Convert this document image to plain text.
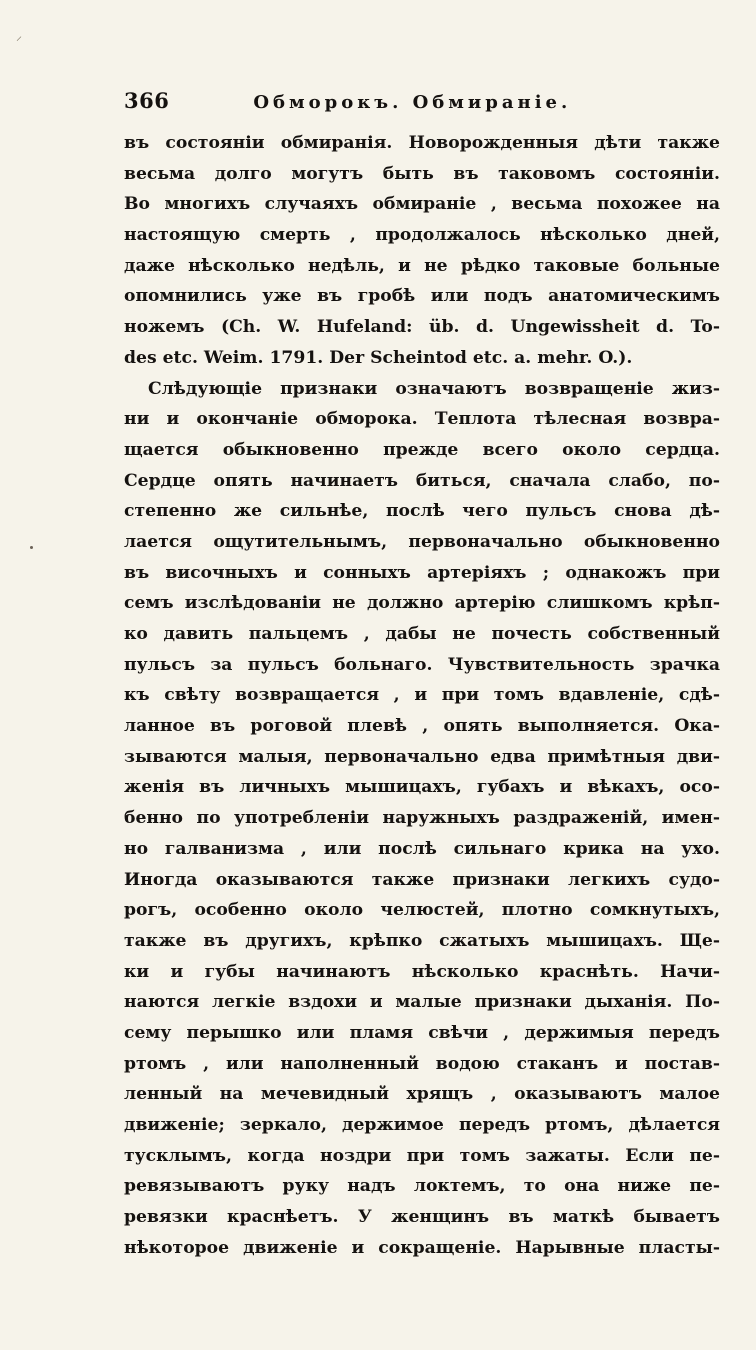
⸍
366	Обморокъ. Обмираніе.
въ состояніи обмиранія. Новорожденныя дѣти также
весьма долго могутъ быть въ таковомъ состояніи.
Во многихъ случаяхъ обмираніе , весьма похожее на
настоящую смерть , продолжалось нѣсколько дней,
даже нѣсколько недѣль, и не рѣдко таковые больные
опомнились уже въ гробѣ или подъ анатомическимъ
ножемъ (Ch. W. Hufeland: üb. d. Ungewissheit d. To-
des etc. Weim. 1791. Der Scheintod etc. a. mehr. O.).
Слѣдующіе признаки означаютъ возвращеніе жиз-
ни и окончаніе обморока. Теплота тѣлесная возвра-
щается обыкновенно прежде всего около сердца.
Сердце опять начинаетъ биться, сначала слабо, по-
степенно же сильнѣе, послѣ чего пульсъ снова дѣ-
лается ощутительнымъ, первоначально обыкновенно
въ височныхъ и сонныхъ артеріяхъ ; однакожъ при
семъ изслѣдованіи не должно артерію слишкомъ крѣп-
ко давить пальцемъ , дабы не почесть собственный
пульсъ за пульсъ больнаго. Чувствительность зрачка
къ свѣту возвращается , и при томъ вдавленіе, сдѣ-
ланное въ роговой плевѣ , опять выполняется. Ока-
зываются малыя, первоначально едва примѣтныя дви-
женія въ личныхъ мышицахъ, губахъ и вѣкахъ, осо-
бенно по употребленіи наружныхъ раздраженій, имен-
но галванизма , или послѣ сильнаго крика на ухо.
Иногда оказываются также признаки легкихъ судо-
рогъ, особенно около челюстей, плотно сомкнутыхъ,
также въ другихъ, крѣпко сжатыхъ мышицахъ. Ще-
ки и губы начинаютъ нѣсколько краснѣть. Начи-
наются легкіе вздохи и малые признаки дыханія. По-
сему перышко или пламя свѣчи , держимыя передъ
ртомъ , или наполненный водою стаканъ и постав-
ленный на мечевидный хрящъ , оказываютъ малое
движеніе; зеркало, держимое передъ ртомъ, дѣлается
тусклымъ, когда ноздри при томъ зажаты. Если пе-
ревязываютъ руку надъ локтемъ, то она ниже пе-
ревязки краснѣетъ. У женщинъ въ маткѣ бываетъ
нѣкоторое движеніе и сокращеніе. Нарывные пласты-
